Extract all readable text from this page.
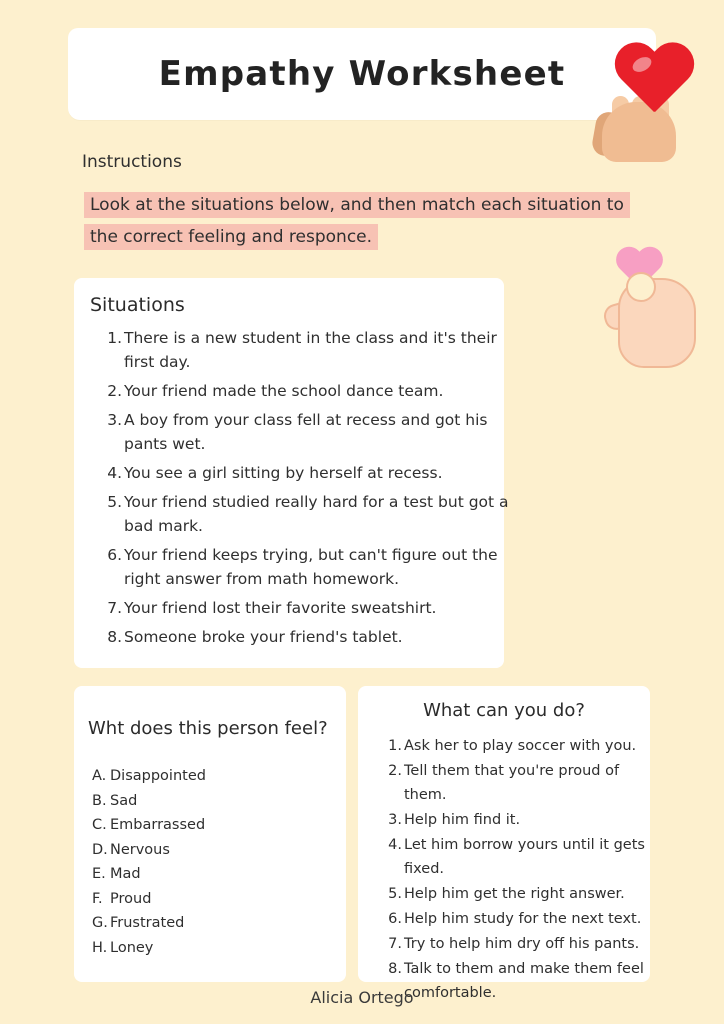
Empathy Worksheet
Instructions
Look at the situations below, and then match each situation to the correct feeling and responce.
Situations
There is a new student in the class and it's their first day.
Your friend made the school dance team.
A boy from your class fell at recess and got his pants wet.
You see a girl sitting by herself at recess.
Your friend studied really hard for a test but got a bad mark.
Your friend keeps trying, but can't figure out the right answer from math homework.
Your friend lost their favorite sweatshirt.
Someone broke your friend's tablet.
Wht does this person feel?
A. Disappointed
B. Sad
C. Embarrassed
D. Nervous
E. Mad
F. Proud
G. Frustrated
H. Loney
What can you do?
Ask her to play soccer with you.
Tell them that you're proud of them.
Help him find it.
Let him borrow yours until it gets fixed.
Help him get the right answer.
Help him study for the next text.
Try to help him dry off his pants.
Talk to them and make them feel comfortable.
Alicia Ortego
